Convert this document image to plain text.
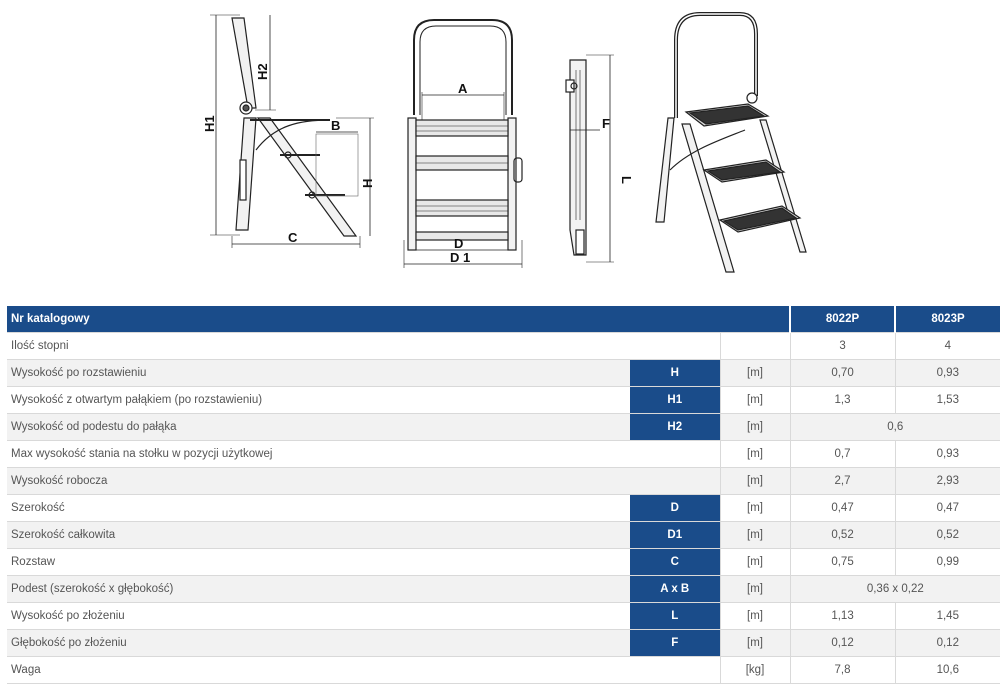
H1
H2
B
H
C
A
D
D 1
F
L
Nr katalogowy			8022P	8023P
Ilość stopni			3	4
Wysokość po rozstawieniu	H	[m]	0,70	0,93
Wysokość z otwartym pałąkiem (po rozstawieniu)	H1	[m]	1,3	1,53
Wysokość od podestu do pałąka	H2	[m]	0,6	
Max wysokość stania na stołku w pozycji użytkowej		[m]	0,7	0,93
Wysokość robocza		[m]	2,7	2,93
Szerokość	D	[m]	0,47	0,47
Szerokość całkowita	D1	[m]	0,52	0,52
Rozstaw	C	[m]	0,75	0,99
Podest (szerokość x głębokość)	A x B	[m]	0,36 x 0,22	
Wysokość po złożeniu	L	[m]	1,13	1,45
Głębokość po złożeniu	F	[m]	0,12	0,12
Waga		[kg]	7,8	10,6
